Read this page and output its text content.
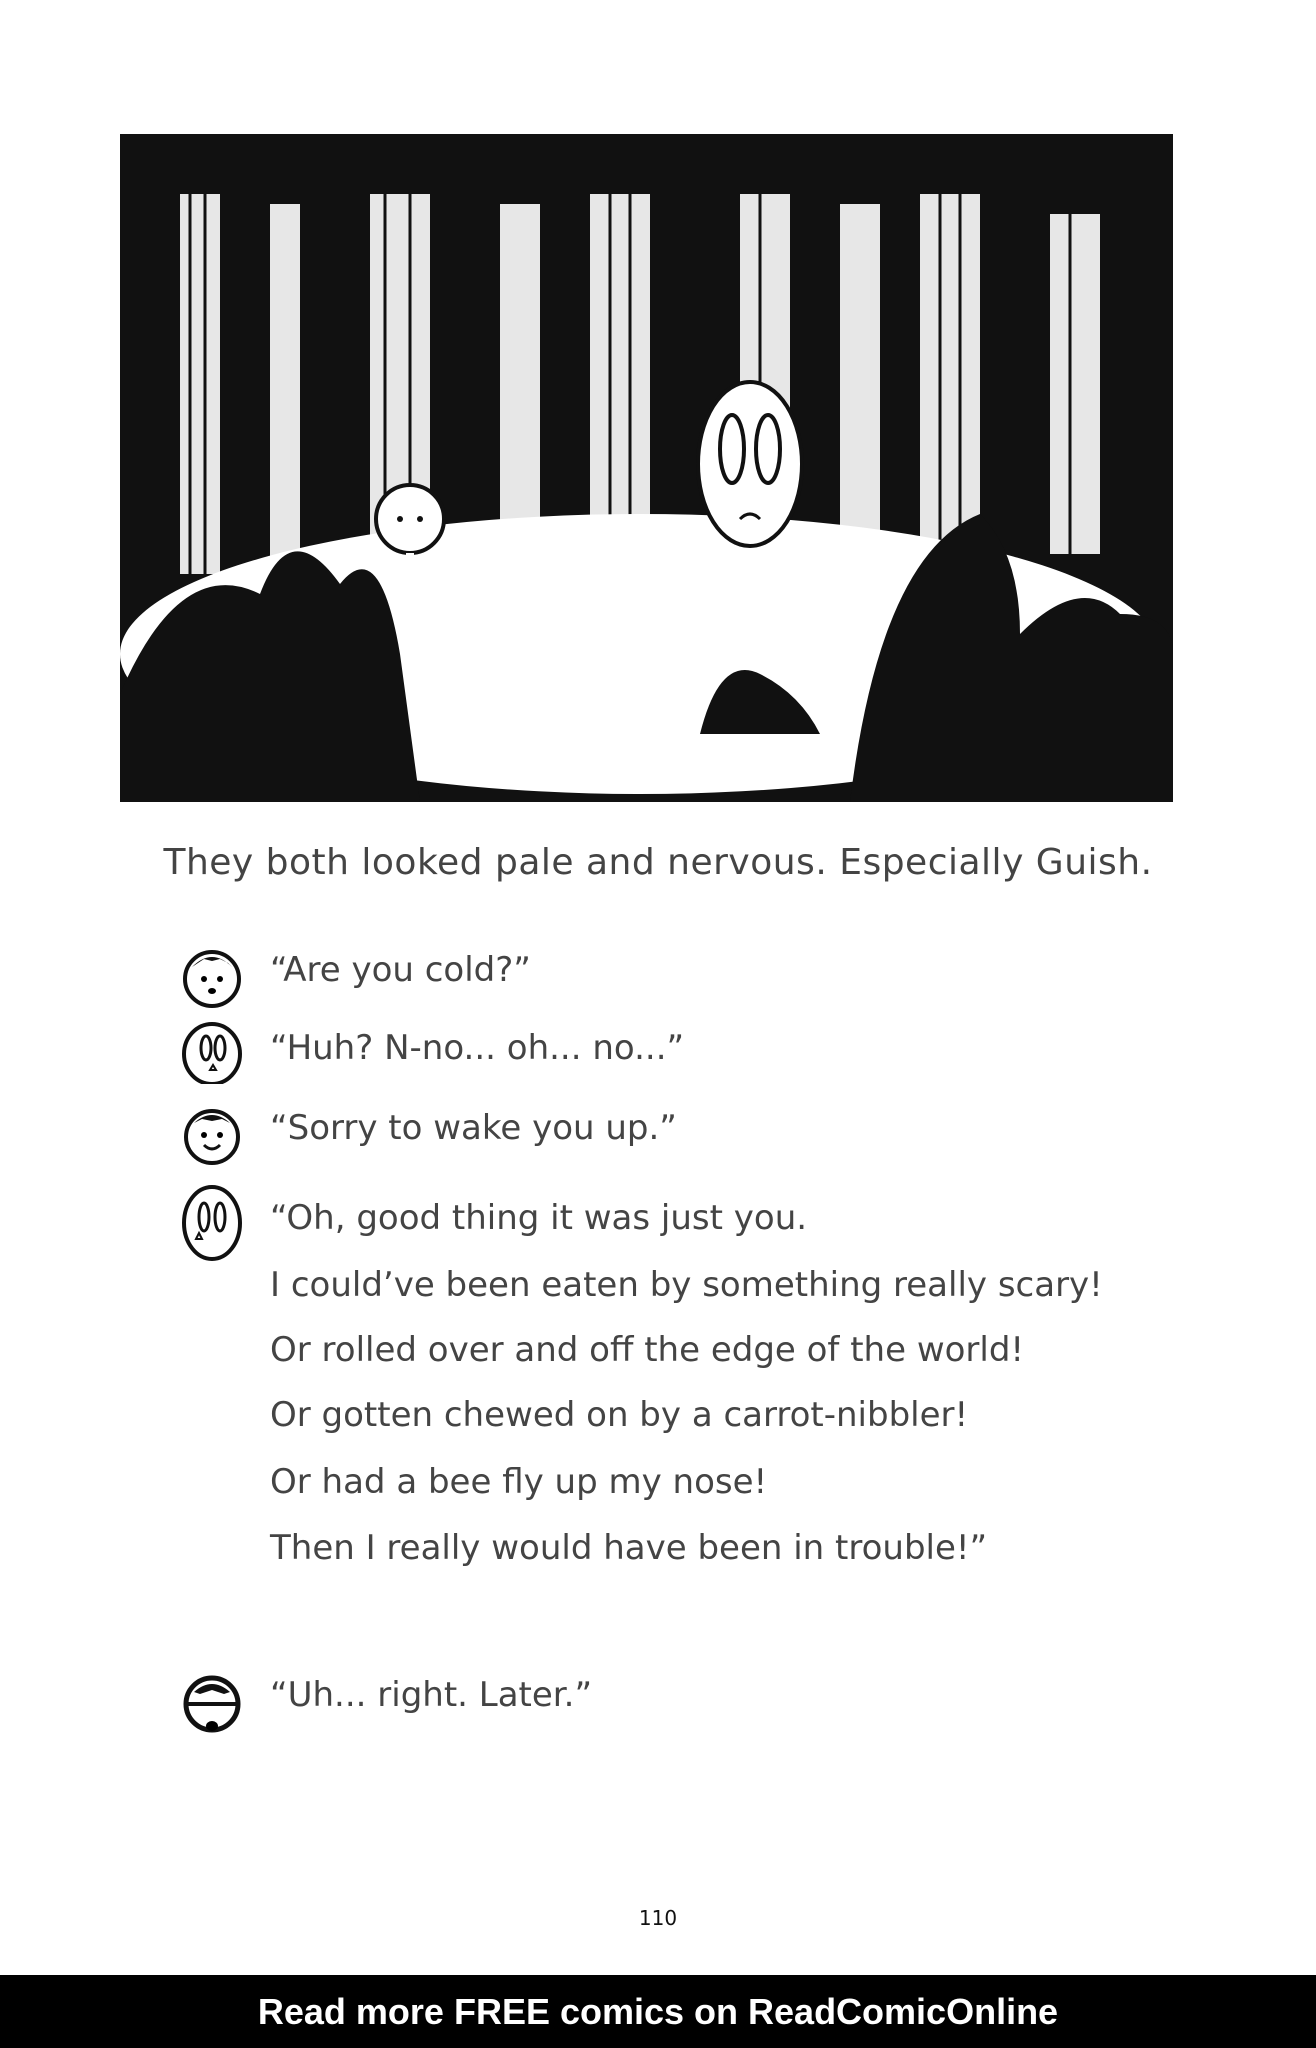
They both looked pale and nervous. Especially Guish.
“Are you cold?”
“Huh? N-no... oh... no...”
“Sorry to wake you up.”
“Oh, good thing it was just you.
I could’ve been eaten by something really scary!
Or rolled over and off the edge of the world!
Or gotten chewed on by a carrot-nibbler!
Or had a bee fly up my nose!
Then I really would have been in trouble!”
“Uh... right. Later.”
110
Read more FREE comics on ReadComicOnline
